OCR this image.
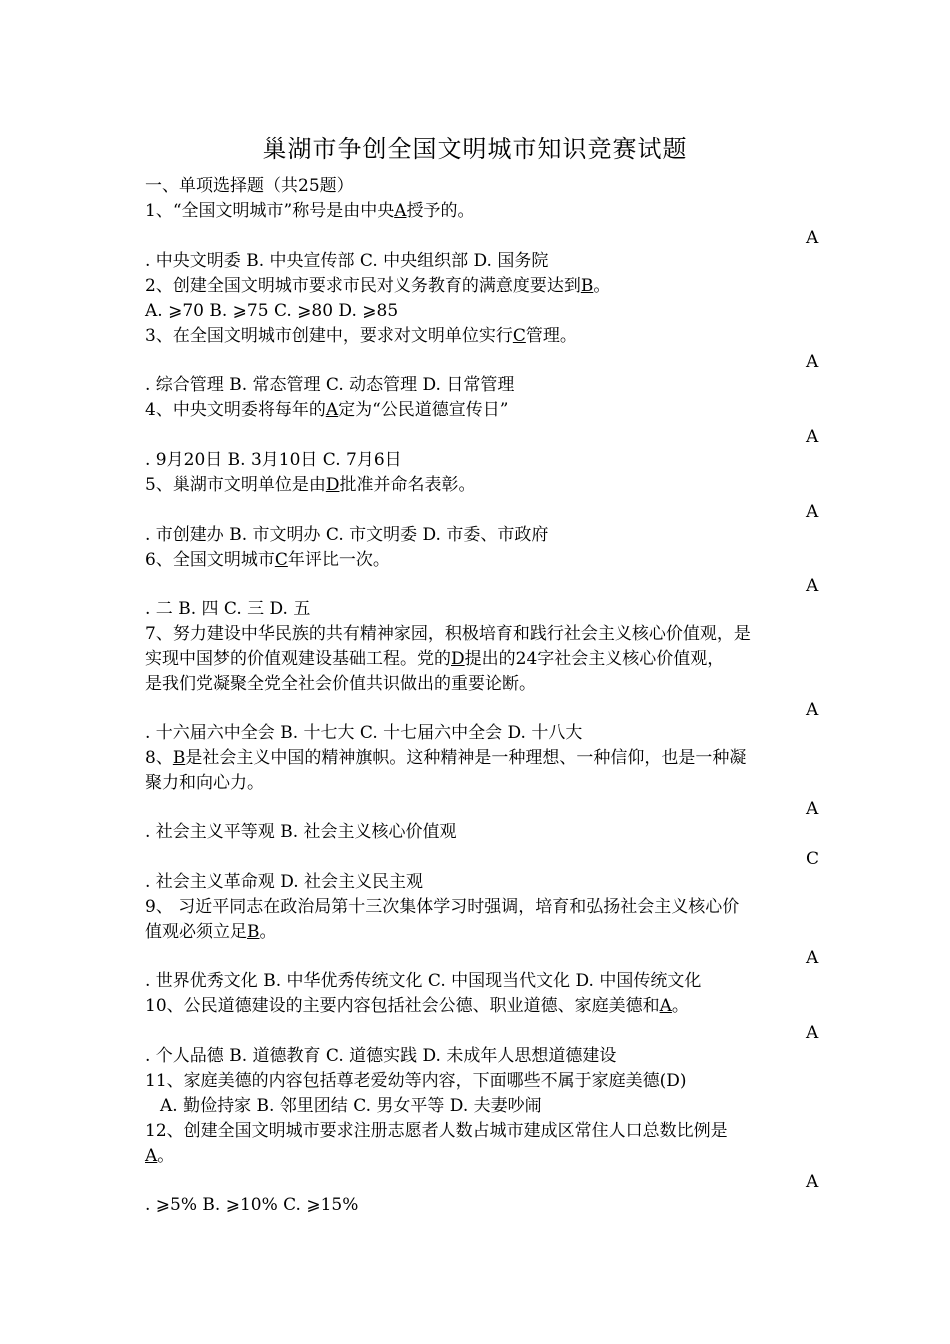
巢湖市争创全国文明城市知识竞赛试题
一、单项选择题（共25题）
1、“全国文明城市”称号是由中央A授予的。
A
. 中央文明委 B. 中央宣传部 C. 中央组织部 D. 国务院
2、创建全国文明城市要求市民对义务教育的满意度要达到B。
A. ⩾70 B. ⩾75 C. ⩾80 D. ⩾85
3、在全国文明城市创建中，要求对文明单位实行C管理。
A
. 综合管理 B. 常态管理 C. 动态管理 D. 日常管理
4、中央文明委将每年的A定为“公民道德宣传日”
A
. 9月20日 B. 3月10日 C. 7月6日
5、巢湖市文明单位是由D批准并命名表彰。
A
. 市创建办 B. 市文明办 C. 市文明委 D. 市委、市政府
6、全国文明城市C年评比一次。
A
. 二 B. 四 C. 三 D. 五
7、努力建设中华民族的共有精神家园，积极培育和践行社会主义核心价值观，是
实现中国梦的价值观建设基础工程。党的D提出的24字社会主义核心价值观，
是我们党凝聚全党全社会价值共识做出的重要论断。
A
. 十六届六中全会 B. 十七大 C. 十七届六中全会 D. 十八大
8、B是社会主义中国的精神旗帜。这种精神是一种理想、一种信仰，也是一种凝
聚力和向心力。
A
. 社会主义平等观 B. 社会主义核心价值观
C
. 社会主义革命观 D. 社会主义民主观
9、 习近平同志在政治局第十三次集体学习时强调，培育和弘扬社会主义核心价
值观必须立足B。
A
. 世界优秀文化 B. 中华优秀传统文化 C. 中国现当代文化 D. 中国传统文化
10、公民道德建设的主要内容包括社会公德、职业道德、家庭美德和A。
A
. 个人品德 B. 道德教育 C. 道德实践 D. 未成年人思想道德建设
11、家庭美德的内容包括尊老爱幼等内容，下面哪些不属于家庭美德(D)
A. 勤俭持家 B. 邻里团结 C. 男女平等 D. 夫妻吵闹
12、创建全国文明城市要求注册志愿者人数占城市建成区常住人口总数比例是
A。
A
. ⩾5% B. ⩾10% C. ⩾15%
